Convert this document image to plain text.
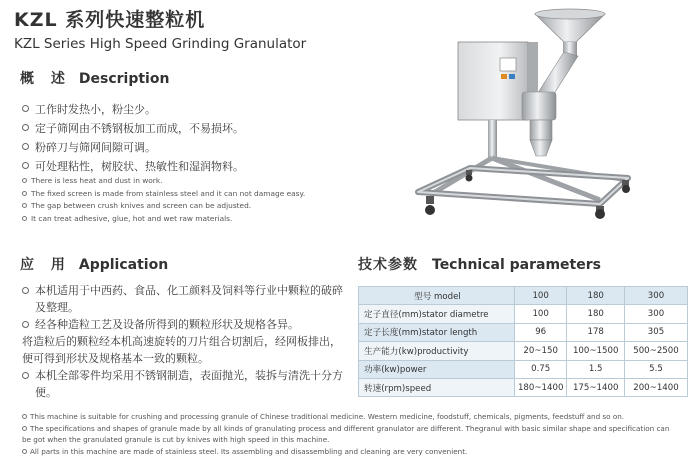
KZL 系列快速整粒机
KZL Series High Speed Grinding Granulator
概 述 Description
工作时发热小，粉尘少。
定子筛网由不锈钢板加工而成，不易损坏。
粉碎刀与筛网间隙可调。
可处理粘性，树胶状、热敏性和湿润物料。
There is less heat and dust in work.
The fixed screen is made from stainless steel and it can not damage easy.
The gap between crush knives and screen can be adjusted.
It can treat adhesive, glue, hot and wet raw materials.
应 用 Application

本机适用于中西药、食品、化工颜料及饲料等行业中颗粒的破碎及整理。

经各种造粒工艺及设备所得到的颗粒形状及规格各异。

将造粒后的颗粒经本机高速旋转的刀片组合切割后，经网板排出，便可得到形状及规格基本一致的颗粒。

本机全部零件均采用不锈钢制造，表面抛光，装拆与清洗十分方便。

This machine is suitable for crushing and processing granule of Chinese traditional medicine. Western medicine, foodstuff, chemicals, pigments, feedstuff and so on.

The specifications and shapes of granule made by all kinds of granulating process and different granulator are different. Thegranul with basic similar shape and specification can

be got when the granulated granule is cut by knives with high speed in this machine.

All parts in this machine are made of stainless steel. Its assembling and disassembling and cleaning are very convenient.

技术参数 Technical parameters
型号 model	100	180	300
定子直径(mm)stator diametre	100	180	300
定子长度(mm)stator length	96	178	305
生产能力(kw)productivity	20~150	100~1500	500~2500
功率(kw)power	0.75	1.5	5.5
转速(rpm)speed	180~1400	175~1400	200~1400
